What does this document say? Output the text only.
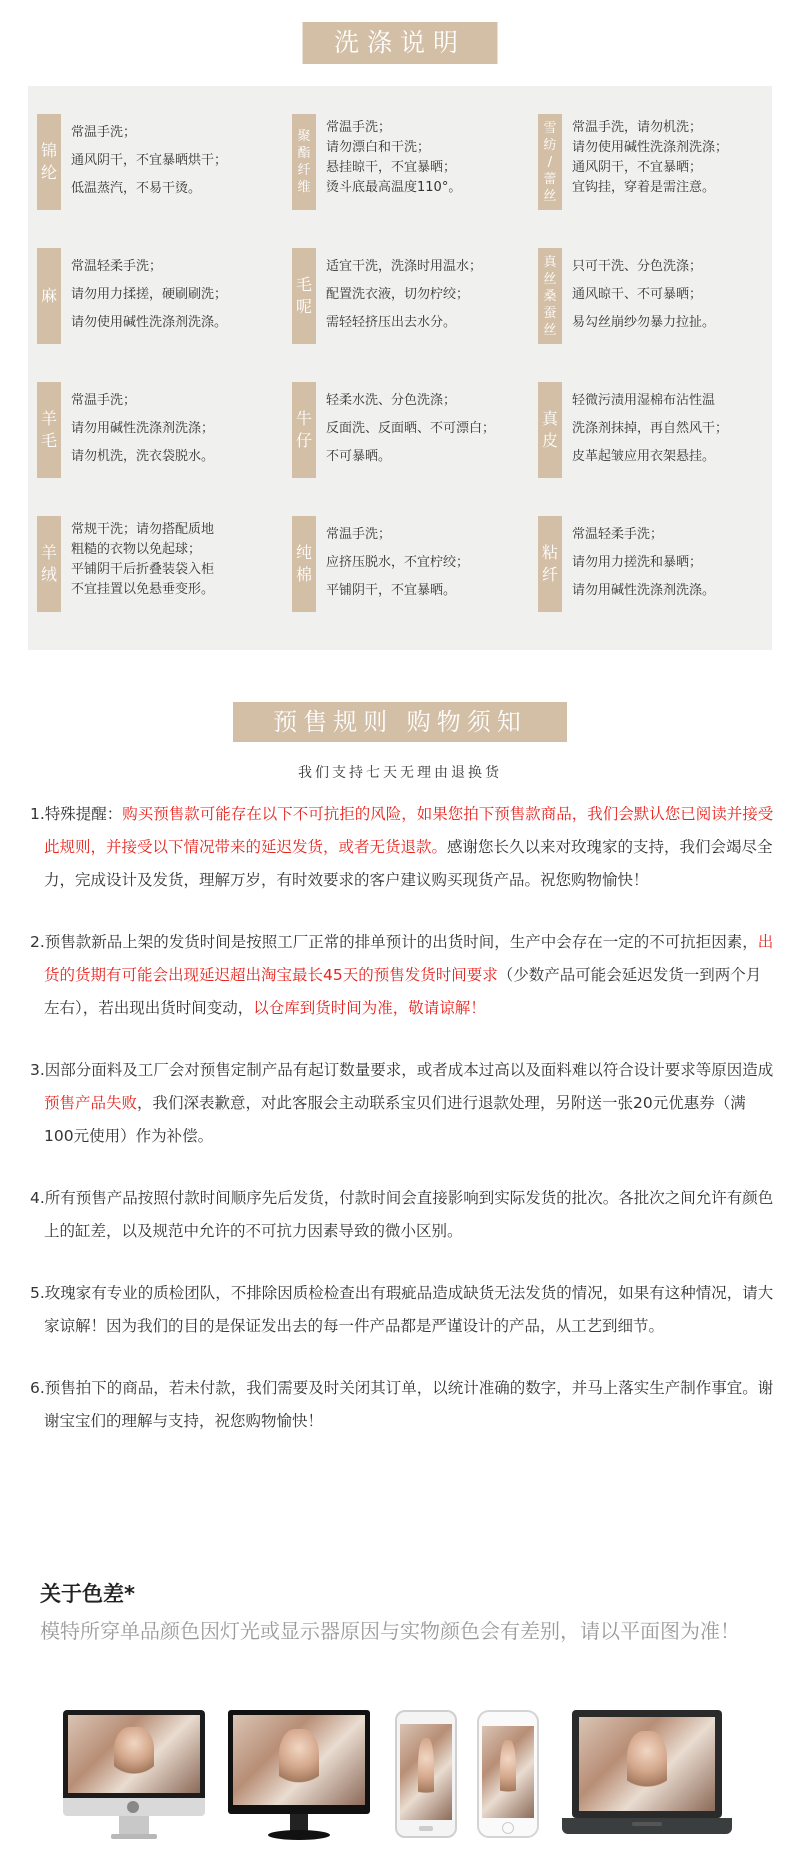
洗涤说明
锦
纶
常温手洗；
通风阴干，不宜暴晒烘干；
低温蒸汽，不易干烫。
聚
酯
纤
维
常温手洗；
请勿漂白和干洗；
悬挂晾干，不宜暴晒；
烫斗底最高温度110°。
雪
纺
/
蕾
丝
常温手洗，请勿机洗；
请勿使用碱性洗涤剂洗涤；
通风阴干，不宜暴晒；
宜钩挂，穿着是需注意。
麻
常温轻柔手洗；
请勿用力揉搓，硬刷刷洗；
请勿使用碱性洗涤剂洗涤。
毛
呢
适宜干洗，洗涤时用温水；
配置洗衣液，切勿柠绞；
需轻轻挤压出去水分。
真
丝
桑
蚕
丝
只可干洗、分色洗涤；
通风晾干、不可暴晒；
易勾丝崩纱勿暴力拉扯。
羊
毛
常温手洗；
请勿用碱性洗涤剂洗涤；
请勿机洗，洗衣袋脱水。
牛
仔
轻柔水洗、分色洗涤；
反面洗、反面晒、不可漂白；
不可暴晒。
真
皮
轻微污渍用湿棉布沾性温
洗涤剂抹掉，再自然风干；
皮革起皱应用衣架悬挂。
羊
绒
常规干洗；请勿搭配质地
粗糙的衣物以免起球；
平铺阴干后折叠装袋入柜
不宜挂置以免悬垂变形。
纯
棉
常温手洗；
应挤压脱水，不宜柠绞；
平铺阴干，不宜暴晒。
粘
纤
常温轻柔手洗；
请勿用力搓洗和暴晒；
请勿用碱性洗涤剂洗涤。
预售规则 购物须知
我们支持七天无理由退换货
1.特殊提醒：购买预售款可能存在以下不可抗拒的风险，如果您拍下预售款商品，我们会默认您已阅读并接受此规则，并接受以下情况带来的延迟发货，或者无货退款。感谢您长久以来对玫瑰家的支持，我们会竭尽全力，完成设计及发货，理解万岁，有时效要求的客户建议购买现货产品。祝您购物愉快！
2.预售款新品上架的发货时间是按照工厂正常的排单预计的出货时间，生产中会存在一定的不可抗拒因素，出货的货期有可能会出现延迟超出淘宝最长45天的预售发货时间要求（少数产品可能会延迟发货一到两个月左右），若出现出货时间变动，以仓库到货时间为准，敬请谅解！
3.因部分面料及工厂会对预售定制产品有起订数量要求，或者成本过高以及面料难以符合设计要求等原因造成预售产品失败，我们深表歉意，对此客服会主动联系宝贝们进行退款处理，另附送一张20元优惠券（满100元使用）作为补偿。
4.所有预售产品按照付款时间顺序先后发货，付款时间会直接影响到实际发货的批次。各批次之间允许有颜色上的缸差，以及规范中允许的不可抗力因素导致的微小区别。
5.玫瑰家有专业的质检团队，不排除因质检检查出有瑕疵品造成缺货无法发货的情况，如果有这种情况，请大家谅解！因为我们的目的是保证发出去的每一件产品都是严谨设计的产品，从工艺到细节。
6.预售拍下的商品，若未付款，我们需要及时关闭其订单，以统计准确的数字，并马上落实生产制作事宜。谢谢宝宝们的理解与支持，祝您购物愉快！
关于色差*
模特所穿单品颜色因灯光或显示器原因与实物颜色会有差别，请以平面图为准！
